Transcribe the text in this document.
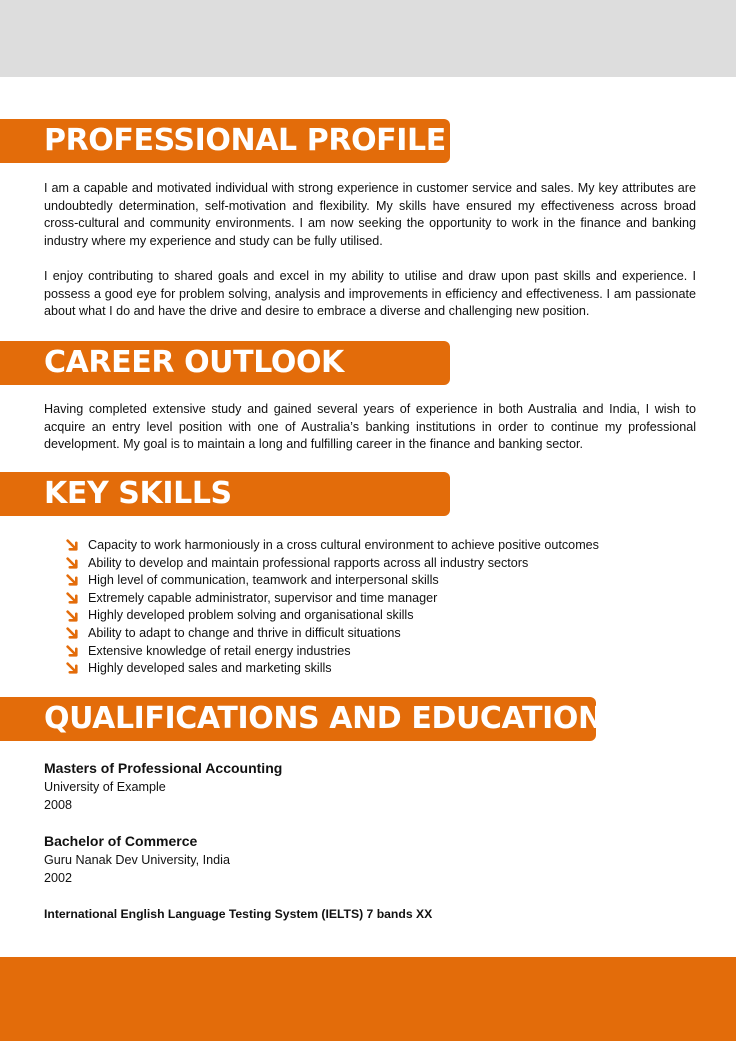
PROFESSIONAL PROFILE

I am a capable and motivated individual with strong experience in customer service and sales. My key attributes are undoubtedly determination, self-motivation and flexibility. My skills have ensured my effectiveness across broad cross-cultural and community environments. I am now seeking the opportunity to work in the finance and banking industry where my experience and study can be fully utilised.

I enjoy contributing to shared goals and excel in my ability to utilise and draw upon past skills and experience. I possess a good eye for problem solving, analysis and improvements in efficiency and effectiveness. I am passionate about what I do and have the drive and desire to embrace a diverse and challenging new position.

CAREER OUTLOOK

Having completed extensive study and gained several years of experience in both Australia and India, I wish to acquire an entry level position with one of Australia’s banking institutions in order to continue my professional development. My goal is to maintain a long and fulfilling career in the finance and banking sector.

KEY SKILLS
Capacity to work harmoniously in a cross cultural environment to achieve positive outcomes
Ability to develop and maintain professional rapports across all industry sectors
High level of communication, teamwork and interpersonal skills
Extremely capable administrator, supervisor and time manager
Highly developed problem solving and organisational skills
Ability to adapt to change and thrive in difficult situations
Extensive knowledge of retail energy industries
Highly developed sales and marketing skills
QUALIFICATIONS AND EDUCATION
Masters of Professional Accounting
University of Example
2008
Bachelor of Commerce
Guru Nanak Dev University, India
2002
International English Language Testing System (IELTS) 7 bands XX
